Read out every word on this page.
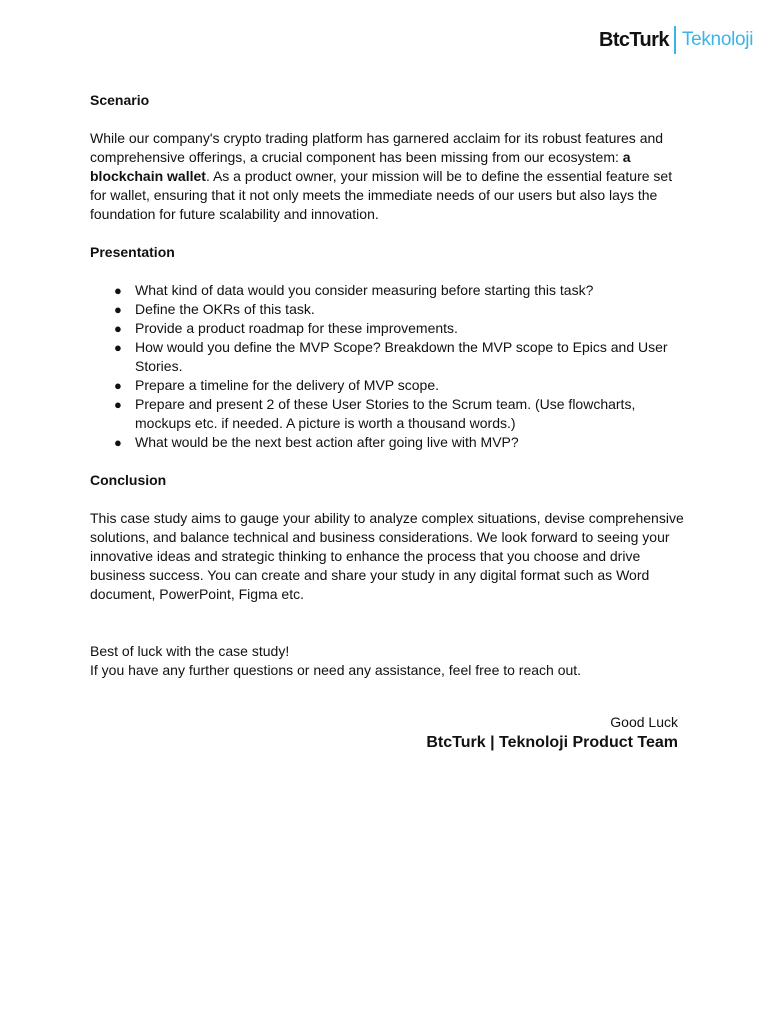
BtcTurk Teknoloji

Scenario

While our company's crypto trading platform has garnered acclaim for its robust features and comprehensive offerings, a crucial component has been missing from our ecosystem: a blockchain wallet. As a product owner, your mission will be to define the essential feature set for wallet, ensuring that it not only meets the immediate needs of our users but also lays the foundation for future scalability and innovation.

Presentation

● What kind of data would you consider measuring before starting this task?
● Define the OKRs of this task.
● Provide a product roadmap for these improvements.
● How would you define the MVP Scope? Breakdown the MVP scope to Epics and User Stories.
● Prepare a timeline for the delivery of MVP scope.
● Prepare and present 2 of these User Stories to the Scrum team. (Use flowcharts, mockups etc. if needed. A picture is worth a thousand words.)
● What would be the next best action after going live with MVP?

Conclusion

This case study aims to gauge your ability to analyze complex situations, devise comprehensive solutions, and balance technical and business considerations. We look forward to seeing your innovative ideas and strategic thinking to enhance the process that you choose and drive business success. You can create and share your study in any digital format such as Word document, PowerPoint, Figma etc.

Best of luck with the case study!

If you have any further questions or need any assistance, feel free to reach out.

Good Luck

BtcTurk | Teknoloji Product Team
